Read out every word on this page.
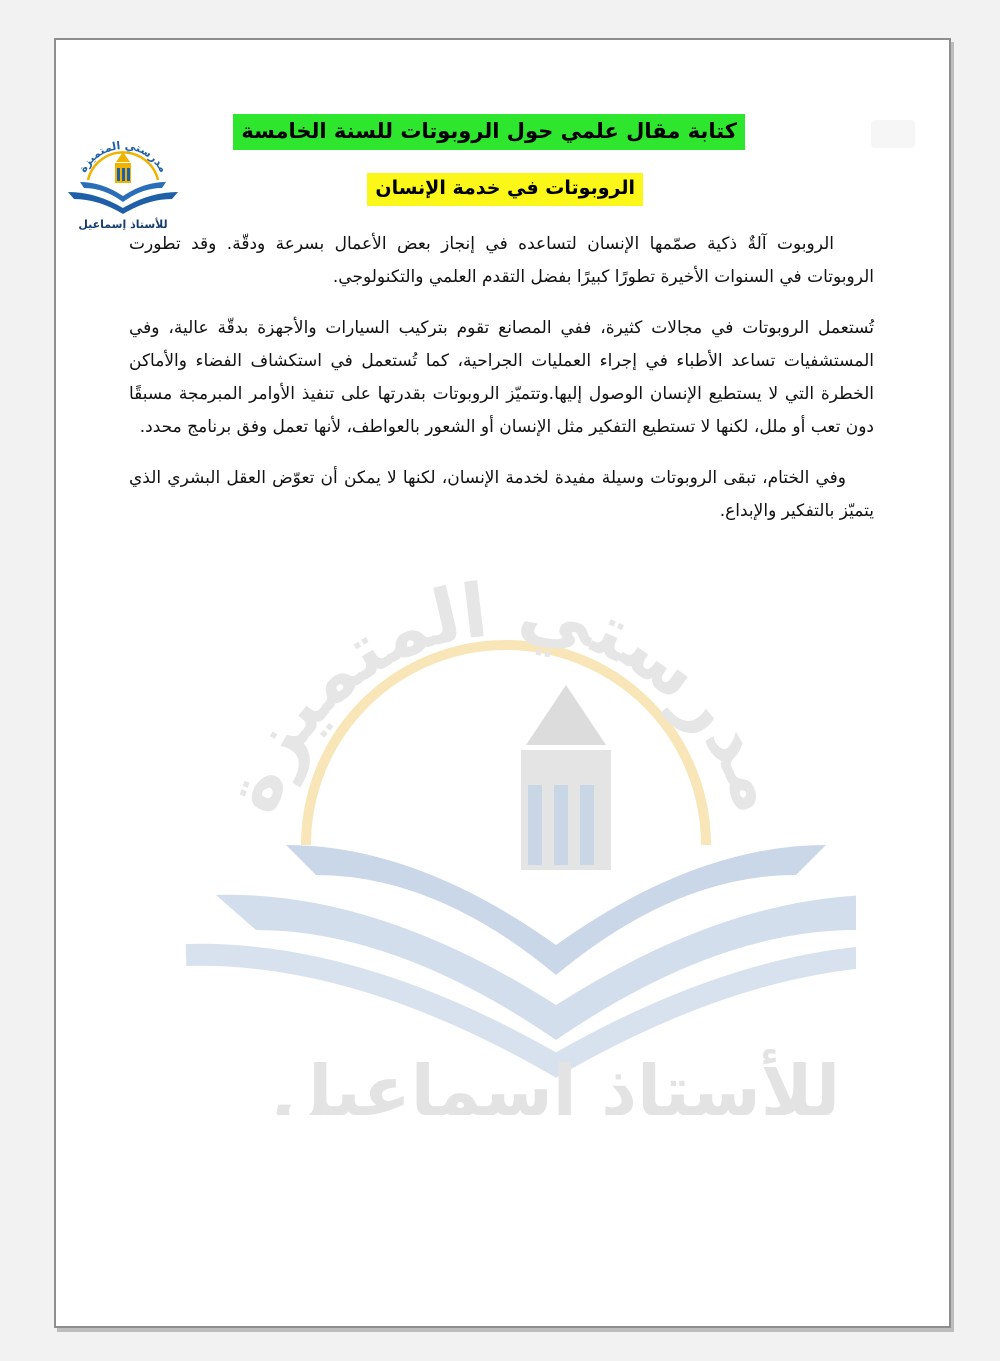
مدرستي المتميزة
للأستاذ إسماعيل
مدرستي المتميزة
للأستاذ إسماعيل
كتابة مقال علمي حول الروبوتات للسنة الخامسة
الروبوتات في خدمة الإنسان

الروبوت آلةٌ ذكية صمّمها الإنسان لتساعده في إنجاز بعض الأعمال بسرعة ودقّة. وقد تطورت الروبوتات في السنوات الأخيرة تطورًا كبيرًا بفضل التقدم العلمي والتكنولوجي.

تُستعمل الروبوتات في مجالات كثيرة، ففي المصانع تقوم بتركيب السيارات والأجهزة بدقّة عالية، وفي المستشفيات تساعد الأطباء في إجراء العمليات الجراحية، كما تُستعمل في استكشاف الفضاء والأماكن الخطرة التي لا يستطيع الإنسان الوصول إليها.وتتميّز الروبوتات بقدرتها على تنفيذ الأوامر المبرمجة مسبقًا دون تعب أو ملل، لكنها لا تستطيع التفكير مثل الإنسان أو الشعور بالعواطف، لأنها تعمل وفق برنامج محدد.

وفي الختام، تبقى الروبوتات وسيلة مفيدة لخدمة الإنسان، لكنها لا يمكن أن تعوّض العقل البشري الذي يتميّز بالتفكير والإبداع.
